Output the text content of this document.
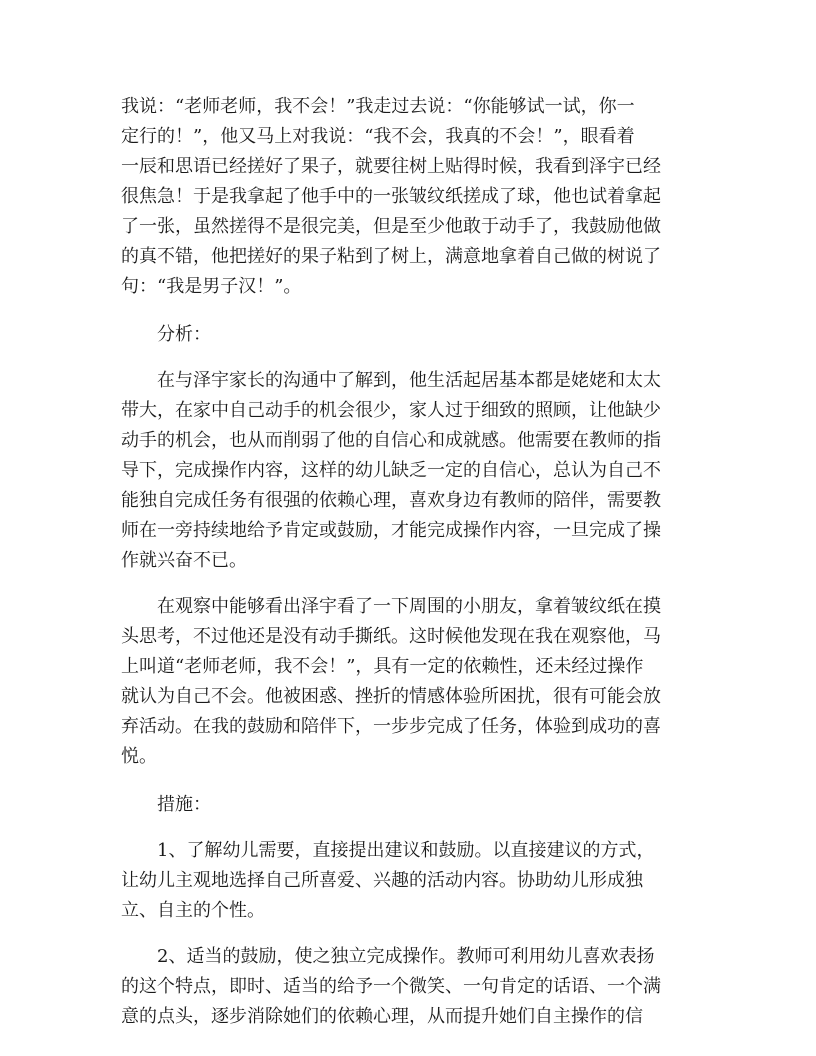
我说：“老师老师，我不会！”我走过去说：“你能够试一试，你一
定行的！”，他又马上对我说：“我不会，我真的不会！”，眼看着
一辰和思语已经搓好了果子，就要往树上贴得时候，我看到泽宇已经
很焦急！于是我拿起了他手中的一张皱纹纸搓成了球，他也试着拿起
了一张，虽然搓得不是很完美，但是至少他敢于动手了，我鼓励他做
的真不错，他把搓好的果子粘到了树上，满意地拿着自己做的树说了
句：“我是男子汉！”。
分析：
在与泽宇家长的沟通中了解到，他生活起居基本都是姥姥和太太
带大，在家中自己动手的机会很少，家人过于细致的照顾，让他缺少
动手的机会，也从而削弱了他的自信心和成就感。他需要在教师的指
导下，完成操作内容，这样的幼儿缺乏一定的自信心，总认为自己不
能独自完成任务有很强的依赖心理，喜欢身边有教师的陪伴，需要教
师在一旁持续地给予肯定或鼓励，才能完成操作内容，一旦完成了操
作就兴奋不已。
在观察中能够看出泽宇看了一下周围的小朋友，拿着皱纹纸在摸
头思考，不过他还是没有动手撕纸。这时候他发现在我在观察他，马
上叫道“老师老师，我不会！”，具有一定的依赖性，还未经过操作
就认为自己不会。他被困惑、挫折的情感体验所困扰，很有可能会放
弃活动。在我的鼓励和陪伴下，一步步完成了任务，体验到成功的喜
悦。
措施：
1、了解幼儿需要，直接提出建议和鼓励。以直接建议的方式，
让幼儿主观地选择自己所喜爱、兴趣的活动内容。协助幼儿形成独
立、自主的个性。
2、适当的鼓励，使之独立完成操作。教师可利用幼儿喜欢表扬
的这个特点，即时、适当的给予一个微笑、一句肯定的话语、一个满
意的点头，逐步消除她们的依赖心理，从而提升她们自主操作的信
